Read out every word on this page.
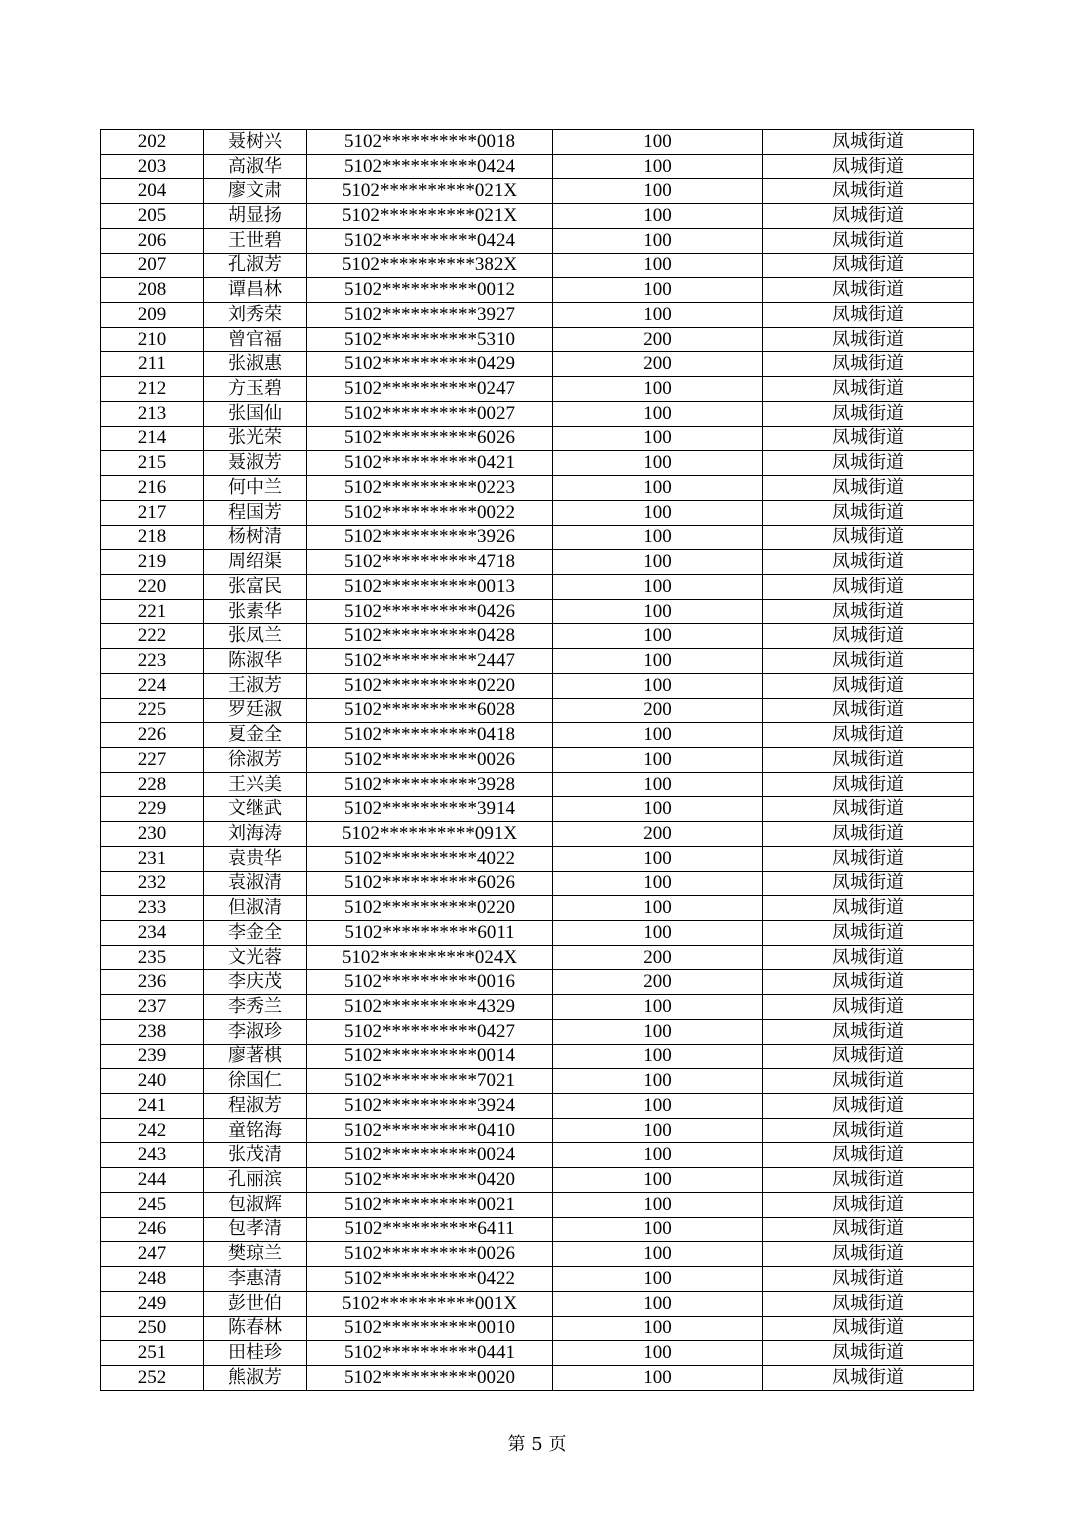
202	聂树兴	5102**********0018	100	凤城街道
203	高淑华	5102**********0424	100	凤城街道
204	廖文肃	5102**********021X	100	凤城街道
205	胡显扬	5102**********021X	100	凤城街道
206	王世碧	5102**********0424	100	凤城街道
207	孔淑芳	5102**********382X	100	凤城街道
208	谭昌林	5102**********0012	100	凤城街道
209	刘秀荣	5102**********3927	100	凤城街道
210	曾官福	5102**********5310	200	凤城街道
211	张淑惠	5102**********0429	200	凤城街道
212	方玉碧	5102**********0247	100	凤城街道
213	张国仙	5102**********0027	100	凤城街道
214	张光荣	5102**********6026	100	凤城街道
215	聂淑芳	5102**********0421	100	凤城街道
216	何中兰	5102**********0223	100	凤城街道
217	程国芳	5102**********0022	100	凤城街道
218	杨树清	5102**********3926	100	凤城街道
219	周绍渠	5102**********4718	100	凤城街道
220	张富民	5102**********0013	100	凤城街道
221	张素华	5102**********0426	100	凤城街道
222	张凤兰	5102**********0428	100	凤城街道
223	陈淑华	5102**********2447	100	凤城街道
224	王淑芳	5102**********0220	100	凤城街道
225	罗廷淑	5102**********6028	200	凤城街道
226	夏金全	5102**********0418	100	凤城街道
227	徐淑芳	5102**********0026	100	凤城街道
228	王兴美	5102**********3928	100	凤城街道
229	文继武	5102**********3914	100	凤城街道
230	刘海涛	5102**********091X	200	凤城街道
231	袁贵华	5102**********4022	100	凤城街道
232	袁淑清	5102**********6026	100	凤城街道
233	但淑清	5102**********0220	100	凤城街道
234	李金全	5102**********6011	100	凤城街道
235	文光蓉	5102**********024X	200	凤城街道
236	李庆茂	5102**********0016	200	凤城街道
237	李秀兰	5102**********4329	100	凤城街道
238	李淑珍	5102**********0427	100	凤城街道
239	廖著棋	5102**********0014	100	凤城街道
240	徐国仁	5102**********7021	100	凤城街道
241	程淑芳	5102**********3924	100	凤城街道
242	童铭海	5102**********0410	100	凤城街道
243	张茂清	5102**********0024	100	凤城街道
244	孔丽滨	5102**********0420	100	凤城街道
245	包淑辉	5102**********0021	100	凤城街道
246	包孝清	5102**********6411	100	凤城街道
247	樊琼兰	5102**********0026	100	凤城街道
248	李惠清	5102**********0422	100	凤城街道
249	彭世伯	5102**********001X	100	凤城街道
250	陈春林	5102**********0010	100	凤城街道
251	田桂珍	5102**********0441	100	凤城街道
252	熊淑芳	5102**********0020	100	凤城街道
第 5 页
